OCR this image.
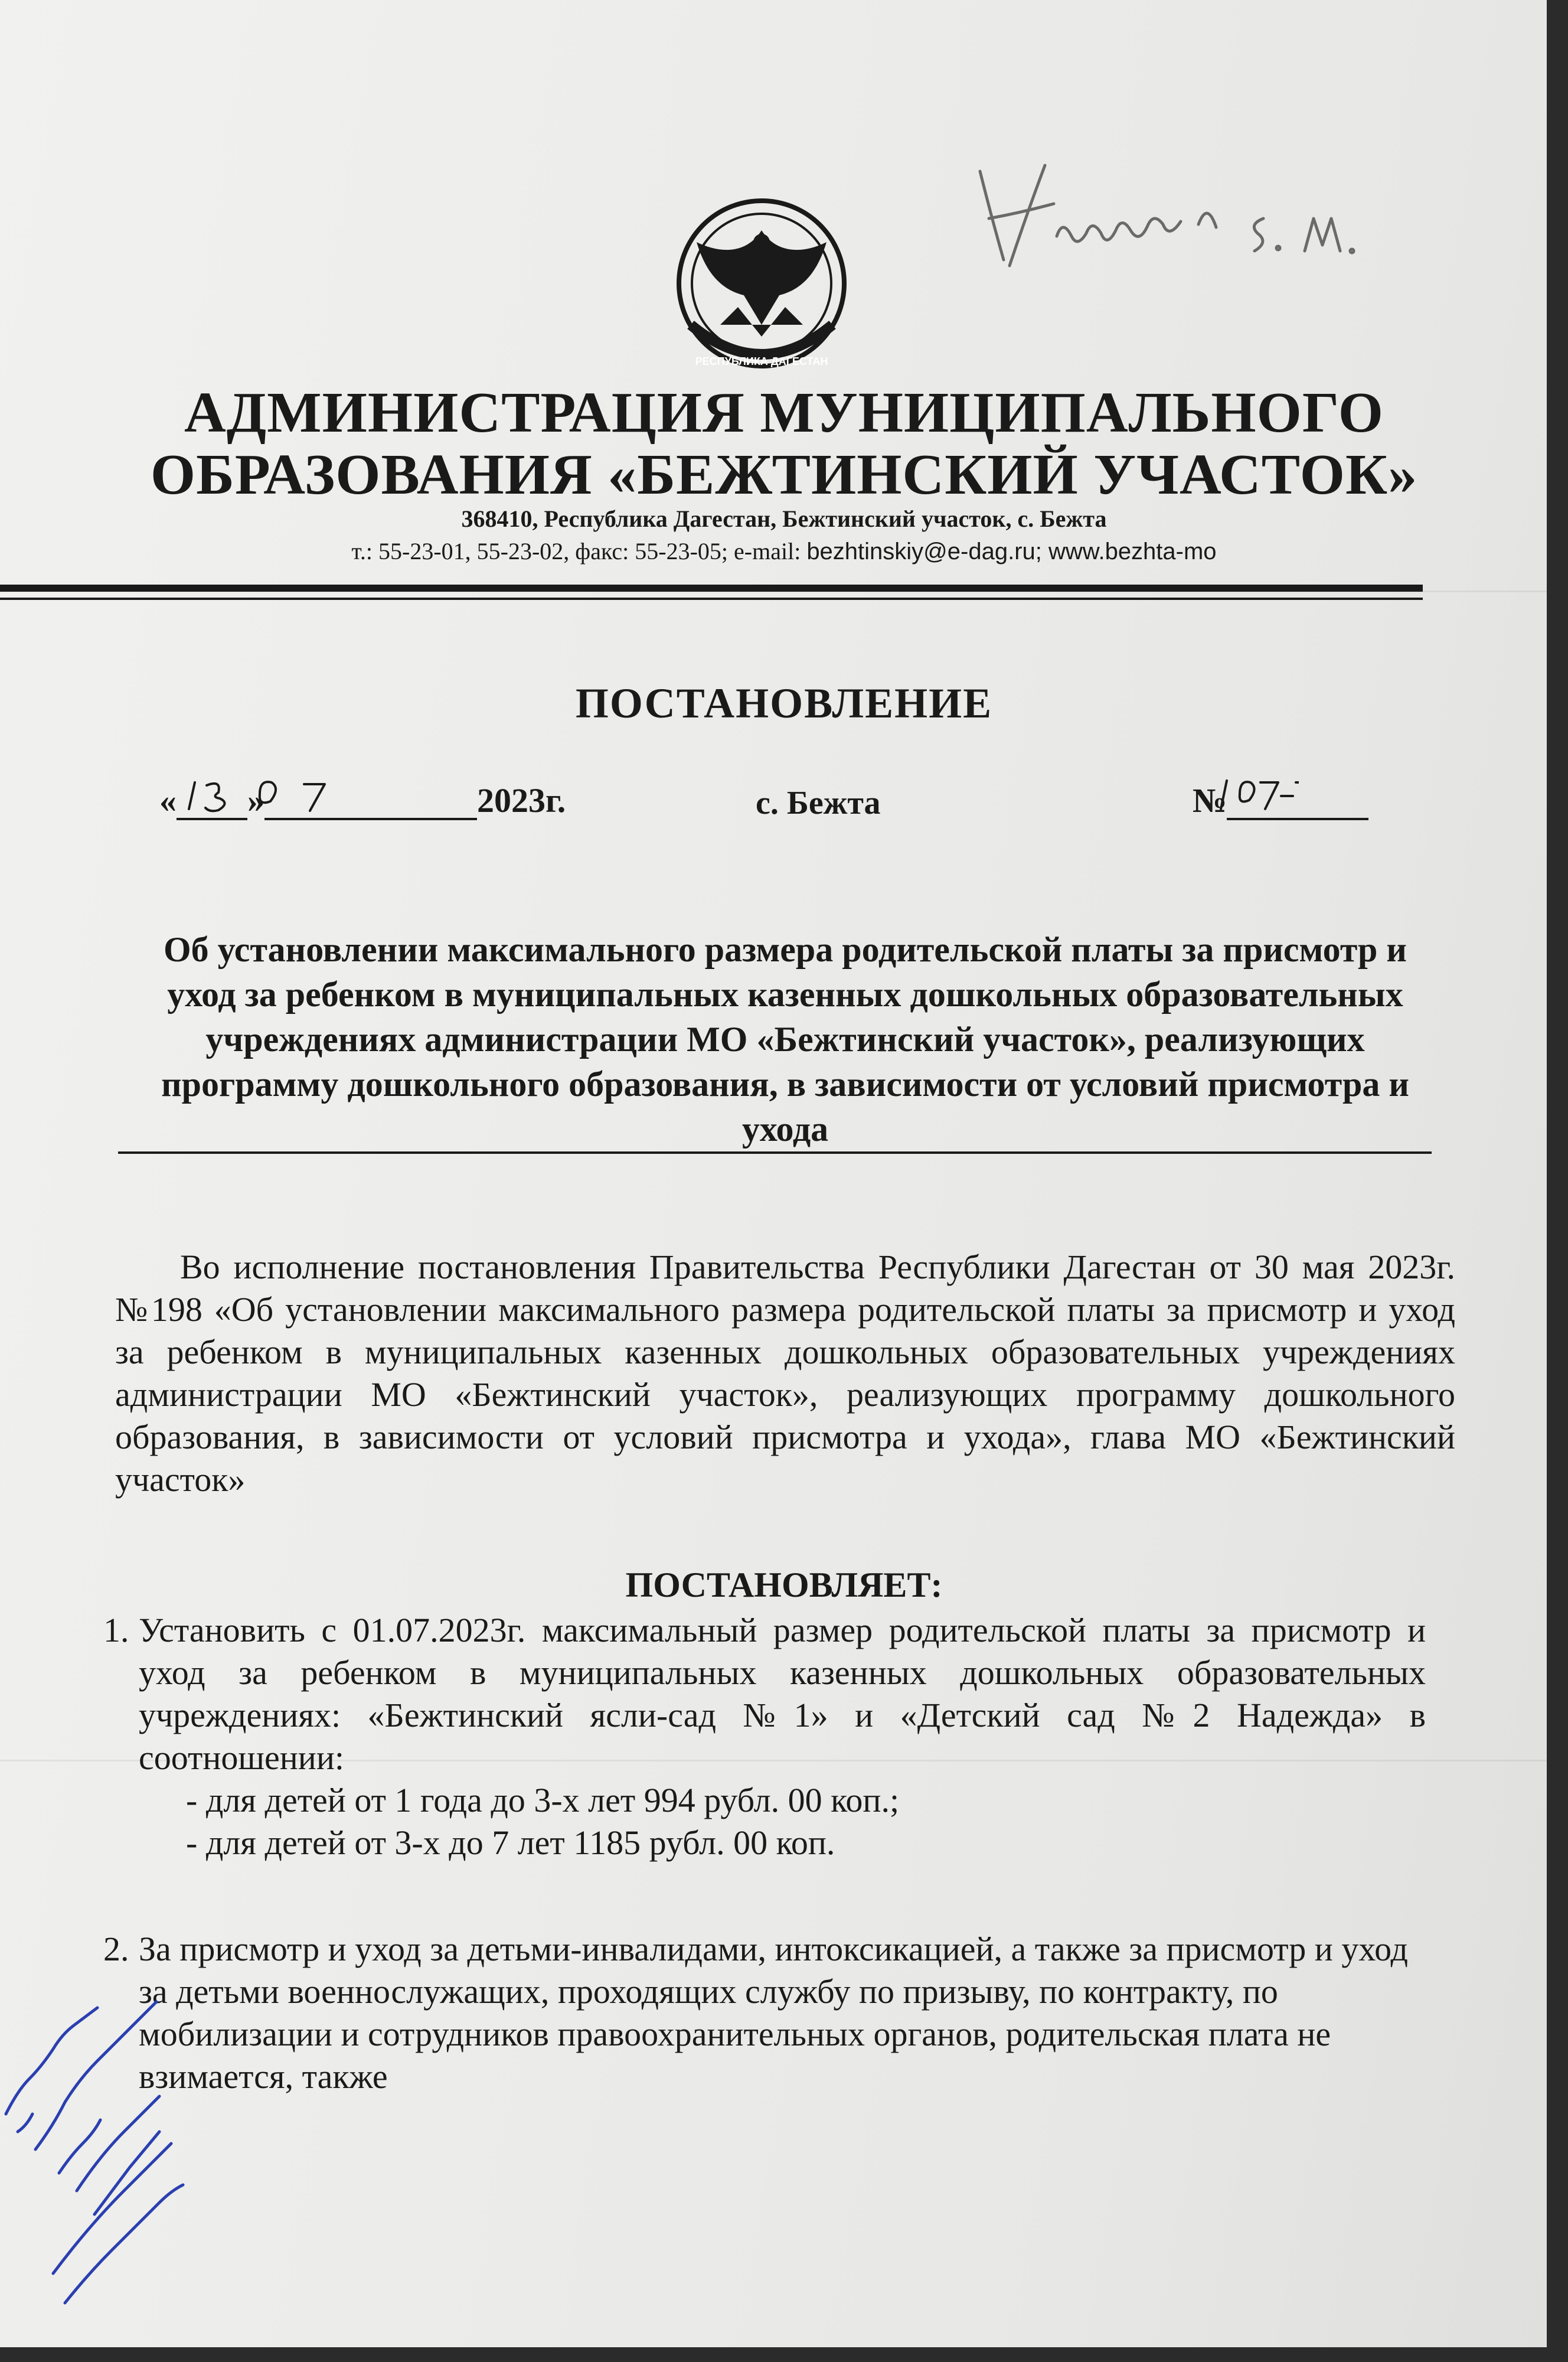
РЕСПУБЛИКА ДАГЕСТАН
АДМИНИСТРАЦИЯ МУНИЦИПАЛЬНОГО
ОБРАЗОВАНИЯ «БЕЖТИНСКИЙ УЧАСТОК»
368410, Республика Дагестан, Бежтинский участок, с. Бежта
т.: 55-23-01, 55-23-02, факс: 55-23-05; e-mail: bezhtinskiy@e-dag.ru; www.bezhta-mo
ПОСТАНОВЛЕНИЕ
« »	2023г.	с. Бежта	№
Об установлении максимального размера родительской платы за присмотр и уход за ребенком в муниципальных казенных дошкольных образовательных учреждениях администрации МО «Бежтинский участок», реализующих программу дошкольного образования, в зависимости от условий присмотра и ухода
Во исполнение постановления Правительства Республики Дагестан от 30 мая 2023г. №198 «Об установлении максимального размера родительской платы за присмотр и уход за ребенком в муниципальных казенных дошкольных образовательных учреждениях администрации МО «Бежтинский участок», реализующих программу дошкольного образования, в зависимости от условий присмотра и ухода», глава МО «Бежтинский участок»
ПОСТАНОВЛЯЕТ:
1. Установить с 01.07.2023г. максимальный размер родительской платы за присмотр и уход за ребенком в муниципальных казенных дошкольных образовательных учреждениях: «Бежтинский ясли-сад №1» и «Детский сад №2 Надежда» в соотношении:
- для детей от 1 года до 3-х лет 994 рубл. 00 коп.;
- для детей от 3-х до 7 лет 1185 рубл. 00 коп.
2. За присмотр и уход за детьми-инвалидами, интоксикацией, а также за присмотр и уход за детьми военнослужащих, проходящих службу по призыву, по контракту, по мобилизации и сотрудников правоохранительных органов, родительская плата не взимается, также
